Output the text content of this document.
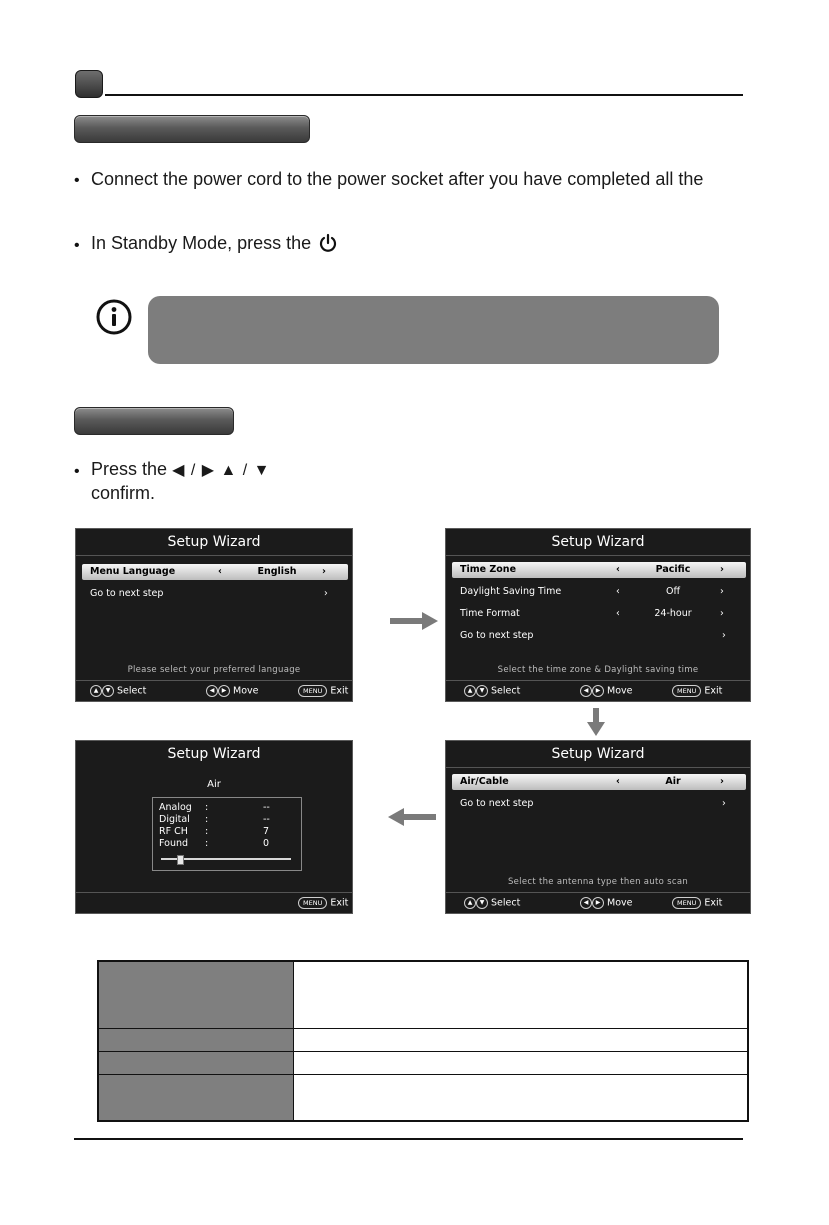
• Connect the power cord to the power socket after you have completed all the
• In Standby Mode, press the
• Press the ◀ / ▶ ▲ / ▼
confirm.
Setup Wizard
Menu Language	‹	English	›
Go to next step	›
Please select your preferred language
▲ ▼ Select	◀ ▶ Move	MENU Exit
Setup Wizard
Time Zone	‹	Pacific	›
Daylight Saving Time	‹	Off	›
Time Format	‹	24-hour	›
Go to next step	›
Select the time zone & Daylight saving time
▲ ▼ Select	◀ ▶ Move	MENU Exit
Setup Wizard
Air
Analog :	--
Digital :	--
RF CH :	7
Found :	0
MENU Exit
Setup Wizard
Air/Cable	‹	Air	›
Go to next step	›
Select the antenna type then auto scan
▲ ▼ Select	◀ ▶ Move	MENU Exit
